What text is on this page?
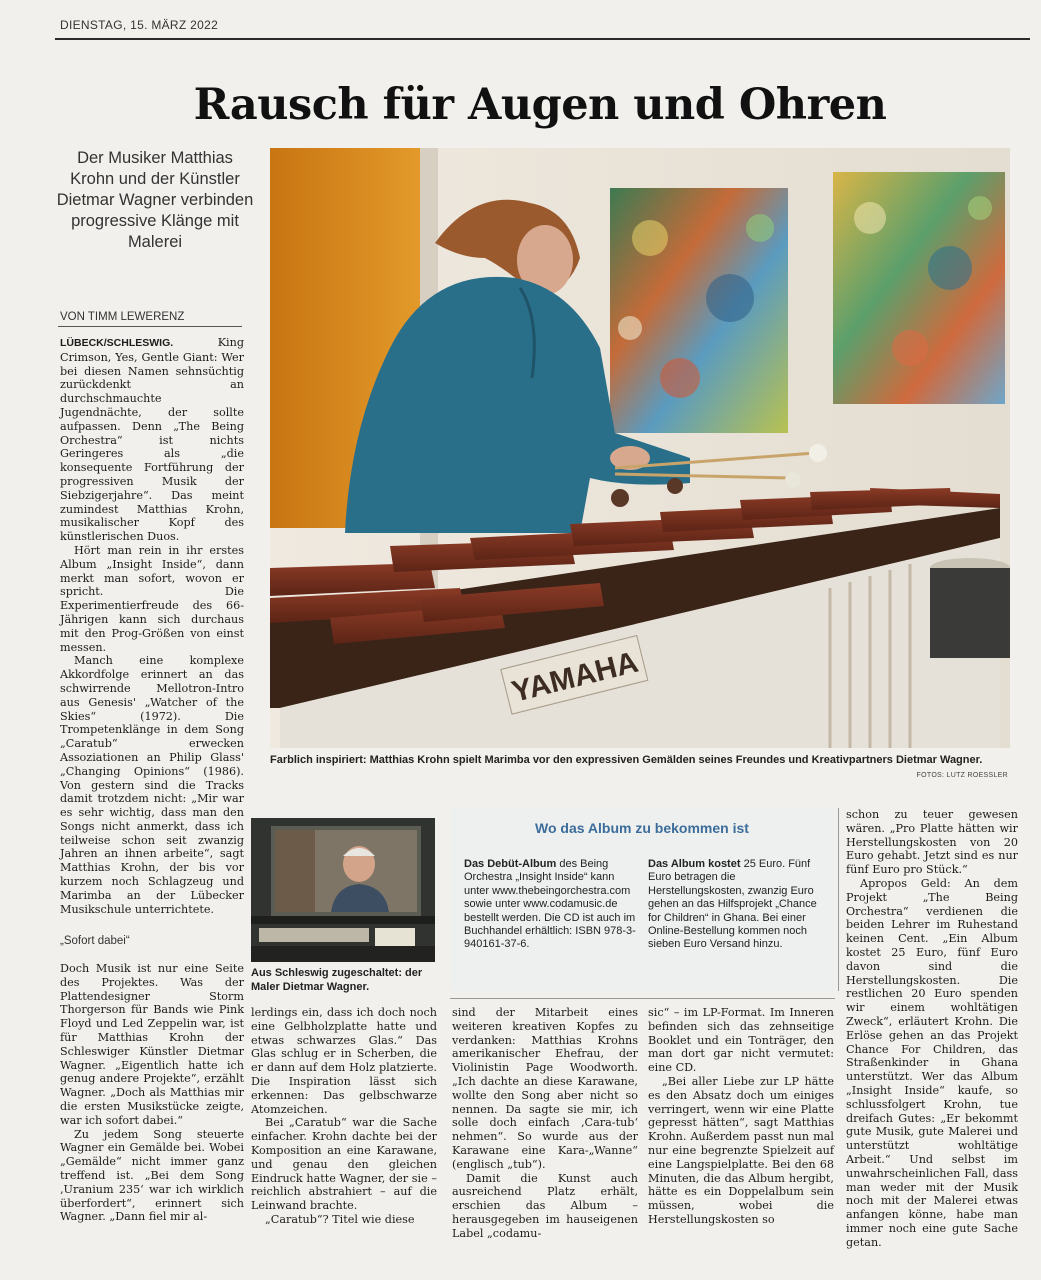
DIENSTAG, 15. MÄRZ 2022
Rausch für Augen und Ohren
Der Musiker Matthias Krohn und der Künstler Dietmar Wagner verbinden progressive Klänge mit Malerei
VON TIMM LEWERENZ

LÜBECK/SCHLESWIG.	King Crimson, Yes, Gentle Giant: Wer bei diesen Namen sehnsüchtig zurückdenkt an durchschmauchte Jugendnächte, der sollte aufpassen. Denn „The Being Orchestra“ ist nichts Geringeres als „die konsequente Fortführung der progressiven Musik der Siebzigerjahre“. Das meint zumindest Matthias Krohn, musikalischer Kopf des künstlerischen Duos.

Hört man rein in ihr erstes Album „Insight Inside“, dann merkt man sofort, wovon er spricht. Die Experimentierfreude des 66-Jährigen kann sich durchaus mit den Prog-Größen von einst messen.

Manch eine komplexe Akkordfolge erinnert an das schwirrende Mellotron-Intro aus Genesis' „Watcher of the Skies“ (1972). Die Trompetenklänge in dem Song „Caratub“ erwecken Assoziationen an Philip Glass' „Changing Opinions“ (1986). Von gestern sind die Tracks damit trotzdem nicht: „Mir war es sehr wichtig, dass man den Songs nicht anmerkt, dass ich teilweise schon seit zwanzig Jahren an ihnen arbeite“, sagt Matthias Krohn, der bis vor kurzem noch Schlagzeug und Marimba an der Lübecker Musikschule unterrichtete.

„Sofort dabei“

Doch Musik ist nur eine Seite des Projektes. Was der Plattendesigner Storm Thorgerson für Bands wie Pink Floyd und Led Zeppelin war, ist für Matthias Krohn der Schleswiger Künstler Dietmar Wagner. „Eigentlich hatte ich genug andere Projekte“, erzählt Wagner. „Doch als Matthias mir die ersten Musikstücke zeigte, war ich sofort dabei.“

Zu jedem Song steuerte Wagner ein Gemälde bei. Wobei „Gemälde“ nicht immer ganz treffend ist. „Bei dem Song ‚Uranium 235‘ war ich wirklich überfordert“, erinnert sich Wagner. „Dann fiel mir al-

YAMAHA
Farblich inspiriert: Matthias Krohn spielt Marimba vor den expressiven Gemälden seines Freundes und Kreativpartners Dietmar Wagner.
FOTOS: LUTZ ROESSLER
Aus Schleswig zugeschaltet: der Maler Dietmar Wagner.

lerdings ein, dass ich doch noch eine Gelbholzplatte hatte und etwas schwarzes Glas.“ Das Glas schlug er in Scherben, die er dann auf dem Holz platzierte. Die Inspiration lässt sich erkennen: Das gelbschwarze Atomzeichen.

Bei „Caratub“ war die Sache einfacher. Krohn dachte bei der Komposition an eine Karawane, und genau den gleichen Eindruck hatte Wagner, der sie – reichlich abstrahiert – auf die Leinwand brachte.

„Caratub“? Titel wie diese

Wo das Album zu bekommen ist
Das Debüt-Album des Being Orchestra „Insight Inside“ kann unter www.thebeingorchestra.com sowie unter www.codamusic.de bestellt werden. Die CD ist auch im Buchhandel erhältlich: ISBN 978-3-940161-37-6.
Das Album kostet 25 Euro. Fünf Euro betragen die Herstellungskosten, zwanzig Euro gehen an das Hilfsprojekt „Chance for Children“ in Ghana. Bei einer Online-Bestellung kommen noch sieben Euro Versand hinzu.

sind der Mitarbeit eines weiteren kreativen Kopfes zu verdanken: Matthias Krohns amerikanischer Ehefrau, der Violinistin Page Woodworth. „Ich dachte an diese Karawane, wollte den Song aber nicht so nennen. Da sagte sie mir, ich solle doch einfach ‚Cara-tub‘ nehmen“. So wurde aus der Karawane eine Kara-„Wanne“ (englisch „tub“).

Damit die Kunst auch ausreichend Platz erhält, erschien das Album – herausgegeben im hauseigenen Label „codamu-

sic“ – im LP-Format. Im Inneren befinden sich das zehnseitige Booklet und ein Tonträger, den man dort gar nicht vermutet: eine CD.

„Bei aller Liebe zur LP hätte es den Absatz doch um einiges verringert, wenn wir eine Platte gepresst hätten“, sagt Matthias Krohn. Außerdem passt nun mal nur eine begrenzte Spielzeit auf eine Langspielplatte. Bei den 68 Minuten, die das Album hergibt, hätte es ein Doppelalbum sein müssen, wobei die Herstellungskosten so

schon zu teuer gewesen wären. „Pro Platte hätten wir Herstellungskosten von 20 Euro gehabt. Jetzt sind es nur fünf Euro pro Stück.“

Apropos Geld: An dem Projekt „The Being Orchestra“ verdienen die beiden Lehrer im Ruhestand keinen Cent. „Ein Album kostet 25 Euro, fünf Euro davon sind die Herstellungskosten. Die restlichen 20 Euro spenden wir einem wohltätigen Zweck“, erläutert Krohn. Die Erlöse gehen an das Projekt Chance For Children, das Straßenkinder in Ghana unterstützt. Wer das Album „Insight Inside“ kaufe, so schlussfolgert Krohn, tue dreifach Gutes: „Er bekommt gute Musik, gute Malerei und unterstützt wohltätige Arbeit.“ Und selbst im unwahrscheinlichen Fall, dass man weder mit der Musik noch mit der Malerei etwas anfangen könne, habe man immer noch eine gute Sache getan.
